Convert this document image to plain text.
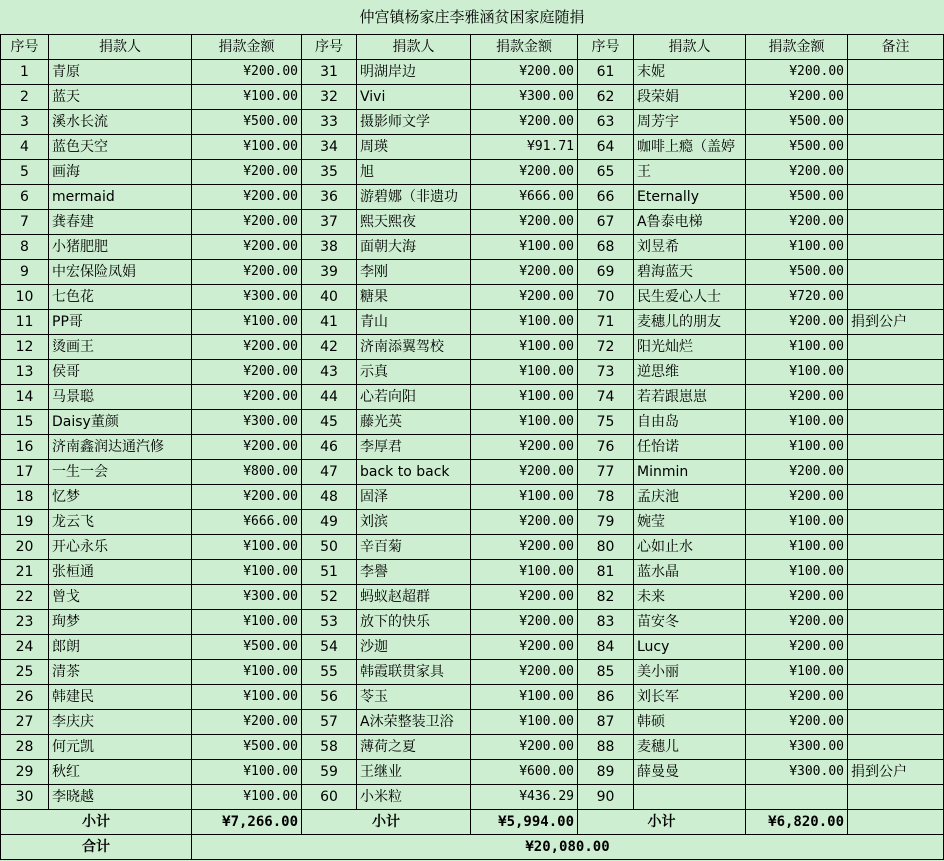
仲宫镇杨家庄李雅涵贫困家庭随捐
序号	捐款人	捐款金额	序号	捐款人	捐款金额	序号	捐款人	捐款金额	备注
1	青原	¥200.00	31	明湖岸边	¥200.00	61	末妮	¥200.00	
2	蓝天	¥100.00	32	Vivi	¥300.00	62	段荣娟	¥200.00	
3	溪水长流	¥500.00	33	摄影师文学	¥200.00	63	周芳宇	¥500.00	
4	蓝色天空	¥100.00	34	周瑛	¥91.71	64	咖啡上瘾（盖婷	¥500.00	
5	画海	¥200.00	35	旭	¥200.00	65	王	¥200.00	
6	mermaid	¥200.00	36	游碧娜（非遗功	¥666.00	66	Eternally	¥500.00	
7	龚春建	¥200.00	37	熙天熙夜	¥200.00	67	A鲁泰电梯	¥200.00	
8	小猪肥肥	¥200.00	38	面朝大海	¥100.00	68	刘昱希	¥100.00	
9	中宏保险凤娟	¥200.00	39	李刚	¥200.00	69	碧海蓝天	¥500.00	
10	七色花	¥300.00	40	糖果	¥200.00	70	民生爱心人士	¥720.00	
11	PP哥	¥100.00	41	青山	¥100.00	71	麦穗儿的朋友	¥200.00	捐到公户
12	烫画王	¥200.00	42	济南添翼驾校	¥100.00	72	阳光灿烂	¥100.00	
13	侯哥	¥200.00	43	示真	¥100.00	73	逆思维	¥100.00	
14	马景聪	¥200.00	44	心若向阳	¥100.00	74	若若跟崽崽	¥200.00	
15	Daisy董颜	¥300.00	45	藤光英	¥100.00	75	自由岛	¥100.00	
16	济南鑫润达通汽修	¥200.00	46	李厚君	¥200.00	76	任怡诺	¥100.00	
17	一生一会	¥800.00	47	back to back	¥200.00	77	Minmin	¥200.00	
18	忆梦	¥200.00	48	固泽	¥100.00	78	孟庆池	¥200.00	
19	龙云飞	¥666.00	49	刘滨	¥200.00	79	婉莹	¥100.00	
20	开心永乐	¥100.00	50	辛百菊	¥200.00	80	心如止水	¥100.00	
21	张桓通	¥100.00	51	李譽	¥100.00	81	蓝水晶	¥100.00	
22	曾戈	¥300.00	52	蚂蚁赵超群	¥200.00	82	未来	¥200.00	
23	珣梦	¥100.00	53	放下的快乐	¥200.00	83	苗安冬	¥200.00	
24	郎朗	¥500.00	54	沙迦	¥200.00	84	Lucy	¥200.00	
25	清茶	¥100.00	55	韩霞联贯家具	¥200.00	85	美小丽	¥100.00	
26	韩建民	¥100.00	56	苓玉	¥100.00	86	刘长军	¥200.00	
27	李庆庆	¥200.00	57	A沐荣整装卫浴	¥100.00	87	韩硕	¥200.00	
28	何元凯	¥500.00	58	薄荷之夏	¥200.00	88	麦穗儿	¥300.00	
29	秋红	¥100.00	59	王继业	¥600.00	89	薛曼曼	¥300.00	捐到公户
30	李晓越	¥100.00	60	小米粒	¥436.29	90			
小计		¥7,266.00	小计		¥5,994.00	小计		¥6,820.00	
合计		¥20,080.00							
